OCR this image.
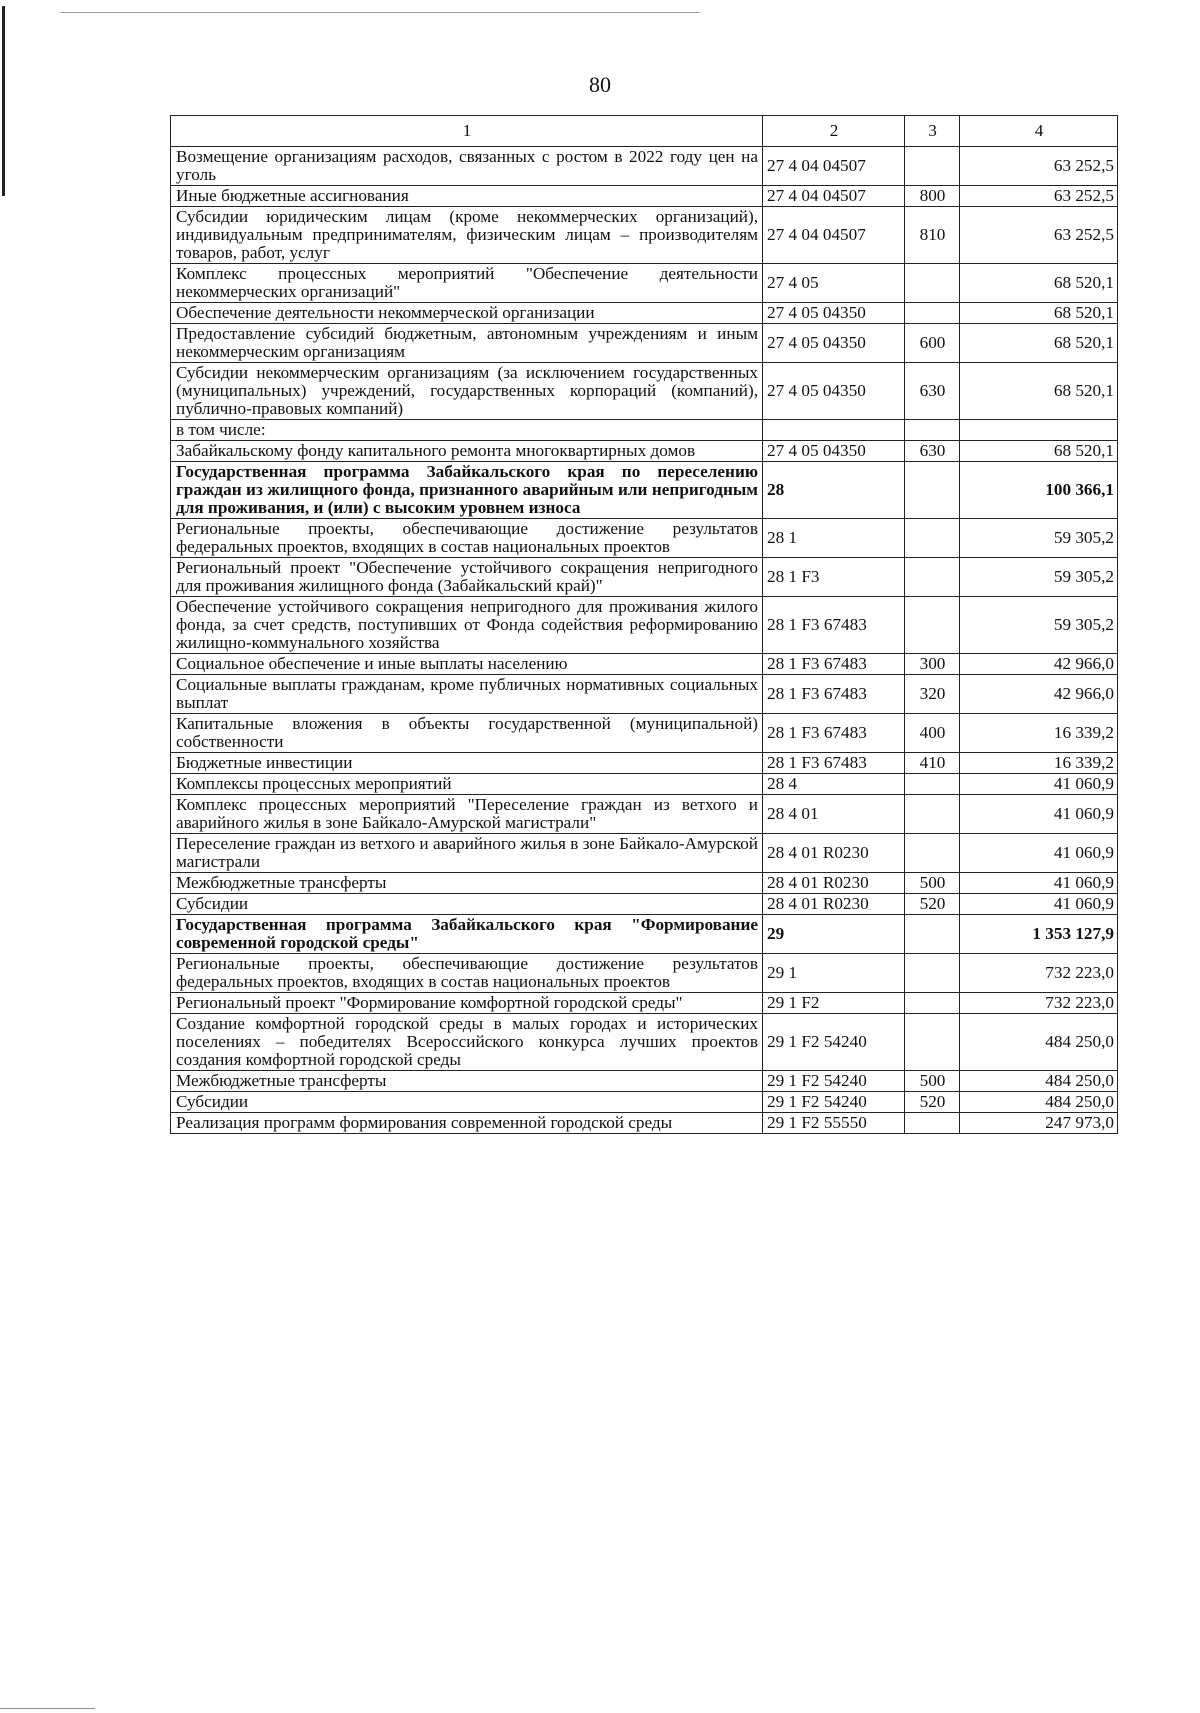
80
1	2	3	4
Возмещение организациям расходов, связанных с ростом в 2022 году цен на уголь	27 4 04 04507		63 252,5
Иные бюджетные ассигнования	27 4 04 04507	800	63 252,5
Субсидии юридическим лицам (кроме некоммерческих организаций), индивидуальным предпринимателям, физическим лицам – производителям товаров, работ, услуг	27 4 04 04507	810	63 252,5
Комплекс процессных мероприятий "Обеспечение деятельности некоммерческих организаций"	27 4 05		68 520,1
Обеспечение деятельности некоммерческой организации	27 4 05 04350		68 520,1
Предоставление субсидий бюджетным, автономным учреждениям и иным некоммерческим организациям	27 4 05 04350	600	68 520,1
Субсидии некоммерческим организациям (за исключением государственных (муниципальных) учреждений, государственных корпораций (компаний), публично-правовых компаний)	27 4 05 04350	630	68 520,1
в том числе:			
Забайкальскому фонду капитального ремонта многоквартирных домов	27 4 05 04350	630	68 520,1
Государственная программа Забайкальского края по переселению граждан из жилищного фонда, признанного аварийным или непригодным для проживания, и (или) с высоким уровнем износа	28		100 366,1
Региональные проекты, обеспечивающие достижение результатов федеральных проектов, входящих в состав национальных проектов	28 1		59 305,2
Региональный проект "Обеспечение устойчивого сокращения непригодного для проживания жилищного фонда (Забайкальский край)"	28 1 F3		59 305,2
Обеспечение устойчивого сокращения непригодного для проживания жилого фонда, за счет средств, поступивших от Фонда содействия реформированию жилищно-коммунального хозяйства	28 1 F3 67483		59 305,2
Социальное обеспечение и иные выплаты населению	28 1 F3 67483	300	42 966,0
Социальные выплаты гражданам, кроме публичных нормативных социальных выплат	28 1 F3 67483	320	42 966,0
Капитальные вложения в объекты государственной (муниципальной) собственности	28 1 F3 67483	400	16 339,2
Бюджетные инвестиции	28 1 F3 67483	410	16 339,2
Комплексы процессных мероприятий	28 4		41 060,9
Комплекс процессных мероприятий "Переселение граждан из ветхого и аварийного жилья в зоне Байкало-Амурской магистрали"	28 4 01		41 060,9
Переселение граждан из ветхого и аварийного жилья в зоне Байкало-Амурской магистрали	28 4 01 R0230		41 060,9
Межбюджетные трансферты	28 4 01 R0230	500	41 060,9
Субсидии	28 4 01 R0230	520	41 060,9
Государственная программа Забайкальского края "Формирование современной городской среды"	29		1 353 127,9
Региональные проекты, обеспечивающие достижение результатов федеральных проектов, входящих в состав национальных проектов	29 1		732 223,0
Региональный проект "Формирование комфортной городской среды"	29 1 F2		732 223,0
Создание комфортной городской среды в малых городах и исторических поселениях – победителях Всероссийского конкурса лучших проектов создания комфортной городской среды	29 1 F2 54240		484 250,0
Межбюджетные трансферты	29 1 F2 54240	500	484 250,0
Субсидии	29 1 F2 54240	520	484 250,0
Реализация программ формирования современной городской среды	29 1 F2 55550		247 973,0
